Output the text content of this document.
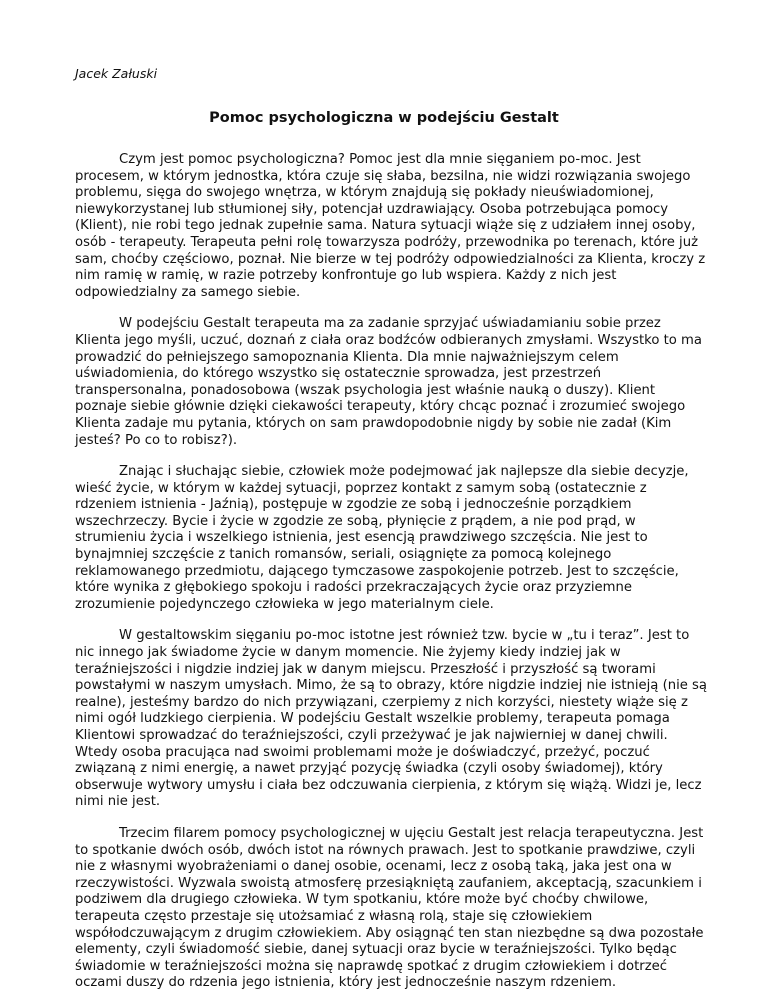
Jacek Załuski

Pomoc psychologiczna w podejściu Gestalt

Czym jest pomoc psychologiczna? Pomoc jest dla mnie sięganiem po-moc. Jest procesem, w którym jednostka, która czuje się słaba, bezsilna, nie widzi rozwiązania swojego problemu, sięga do swojego wnętrza, w którym znajdują się pokłady nieuświadomionej, niewykorzystanej lub stłumionej siły, potencjał uzdrawiający. Osoba potrzebująca pomocy (Klient), nie robi tego jednak zupełnie sama. Natura sytuacji wiąże się z udziałem innej osoby, osób - terapeuty. Terapeuta pełni rolę towarzysza podróży, przewodnika po terenach, które już sam, choćby częściowo, poznał. Nie bierze w tej podróży odpowiedzialności za Klienta, kroczy z nim ramię w ramię, w razie potrzeby konfrontuje go lub wspiera. Każdy z nich jest odpowiedzialny za samego siebie.

W podejściu Gestalt terapeuta ma za zadanie sprzyjać uświadamianiu sobie przez Klienta jego myśli, uczuć, doznań z ciała oraz bodźców odbieranych zmysłami. Wszystko to ma prowadzić do pełniejszego samopoznania Klienta. Dla mnie najważniejszym celem uświadomienia, do którego wszystko się ostatecznie sprowadza, jest przestrzeń transpersonalna, ponadosobowa (wszak psychologia jest właśnie nauką o duszy). Klient poznaje siebie głównie dzięki ciekawości terapeuty, który chcąc poznać i zrozumieć swojego Klienta zadaje mu pytania, których on sam prawdopodobnie nigdy by sobie nie zadał (Kim jesteś? Po co to robisz?).

Znając i słuchając siebie, człowiek może podejmować jak najlepsze dla siebie decyzje, wieść życie, w którym w każdej sytuacji, poprzez kontakt z samym sobą (ostatecznie z rdzeniem istnienia - Jaźnią), postępuje w zgodzie ze sobą i jednocześnie porządkiem wszechrzeczy. Bycie i życie w zgodzie ze sobą, płynięcie z prądem, a nie pod prąd, w strumieniu życia i wszelkiego istnienia, jest esencją prawdziwego szczęścia. Nie jest to bynajmniej szczęście z tanich romansów, seriali, osiągnięte za pomocą kolejnego reklamowanego przedmiotu, dającego tymczasowe zaspokojenie potrzeb. Jest to szczęście, które wynika z głębokiego spokoju i radości przekraczających życie oraz przyziemne zrozumienie pojedynczego człowieka w jego materialnym ciele.

W gestaltowskim sięganiu po-moc istotne jest również tzw. bycie w „tu i teraz”. Jest to nic innego jak świadome życie w danym momencie. Nie żyjemy kiedy indziej jak w teraźniejszości i nigdzie indziej jak w danym miejscu. Przeszłość i przyszłość są tworami powstałymi w naszym umysłach. Mimo, że są to obrazy, które nigdzie indziej nie istnieją (nie są realne), jesteśmy bardzo do nich przywiązani, czerpiemy z nich korzyści, niestety wiąże się z nimi ogół ludzkiego cierpienia. W podejściu Gestalt wszelkie problemy, terapeuta pomaga Klientowi sprowadzać do teraźniejszości, czyli przeżywać je jak najwierniej w danej chwili. Wtedy osoba pracująca nad swoimi problemami może je doświadczyć, przeżyć, poczuć związaną z nimi energię, a nawet przyjąć pozycję świadka (czyli osoby świadomej), który obserwuje wytwory umysłu i ciała bez odczuwania cierpienia, z którym się wiążą. Widzi je, lecz nimi nie jest.

Trzecim filarem pomocy psychologicznej w ujęciu Gestalt jest relacja terapeutyczna. Jest to spotkanie dwóch osób, dwóch istot na równych prawach. Jest to spotkanie prawdziwe, czyli nie z własnymi wyobrażeniami o danej osobie, ocenami, lecz z osobą taką, jaka jest ona w rzeczywistości. Wyzwala swoistą atmosferę przesiąkniętą zaufaniem, akceptacją, szacunkiem i podziwem dla drugiego człowieka. W tym spotkaniu, które może być choćby chwilowe, terapeuta często przestaje się utożsamiać z własną rolą, staje się człowiekiem współodczuwającym z drugim człowiekiem. Aby osiągnąć ten stan niezbędne są dwa pozostałe elementy, czyli świadomość siebie, danej sytuacji oraz bycie w teraźniejszości. Tylko będąc świadomie w teraźniejszości można się naprawdę spotkać z drugim człowiekiem i dotrzeć oczami duszy do rdzenia jego istnienia, który jest jednocześnie naszym rdzeniem.
